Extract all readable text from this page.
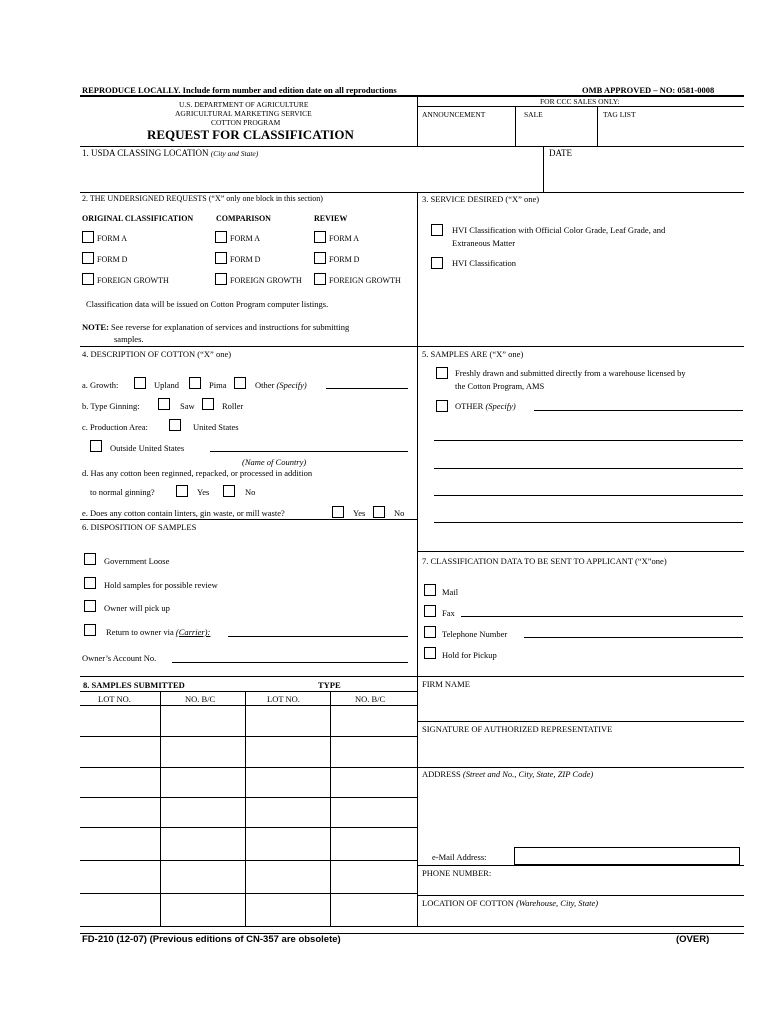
REPRODUCE LOCALLY. Include form number and edition date on all reproductions	OMB APPROVED – NO: 0581-0008
U.S. DEPARTMENT OF AGRICULTURE
AGRICULTURAL MARKETING SERVICE
COTTON PROGRAM
REQUEST FOR CLASSIFICATION
FOR CCC SALES ONLY:
ANNOUNCEMENT	SALE	TAG LIST
1. USDA CLASSING LOCATION (City and State)	DATE
2. THE UNDERSIGNED REQUESTS (“X” only one block in this section)
ORIGINAL CLASSIFICATION	COMPARISON	REVIEW
FORM A	FORM A	FORM A
FORM D	FORM D	FORM D
FOREIGN GROWTH	FOREIGN GROWTH	FOREIGN GROWTH
Classification data will be issued on Cotton Program computer listings.
NOTE: See reverse for explanation of services and instructions for submitting
samples.
3. SERVICE DESIRED (“X” one)
HVI Classification with Official Color Grade, Leaf Grade, and
Extraneous Matter
HVI Classification
4. DESCRIPTION OF COTTON (“X” one)
a. Growth:	Upland	Pima	Other (Specify)
b. Type Ginning:	Saw	Roller
c. Production Area:	United States
Outside United States
(Name of Country)
d. Has any cotton been reginned, repacked, or processed in addition
to normal ginning?	Yes	No
e. Does any cotton contain linters, gin waste, or mill waste?	Yes	No
5. SAMPLES ARE (“X” one)
Freshly drawn and submitted directly from a warehouse licensed by
the Cotton Program, AMS
OTHER (Specify)
6. DISPOSITION OF SAMPLES
Government Loose
Hold samples for possible review
Owner will pick up
Return to owner via (Carrier):
Owner’s Account No.
7. CLASSIFICATION DATA TO BE SENT TO APPLICANT (“X”one)
Mail
Fax
Telephone Number
Hold for Pickup
8. SAMPLES SUBMITTED	TYPE
LOT NO.	NO. B/C	LOT NO.	NO. B/C
FIRM NAME
SIGNATURE OF AUTHORIZED REPRESENTATIVE
ADDRESS (Street and No., City, State, ZIP Code)
e-Mail Address:
PHONE NUMBER:
LOCATION OF COTTON (Warehouse, City, State)
FD-210 (12-07) (Previous editions of CN-357 are obsolete)	(OVER)
